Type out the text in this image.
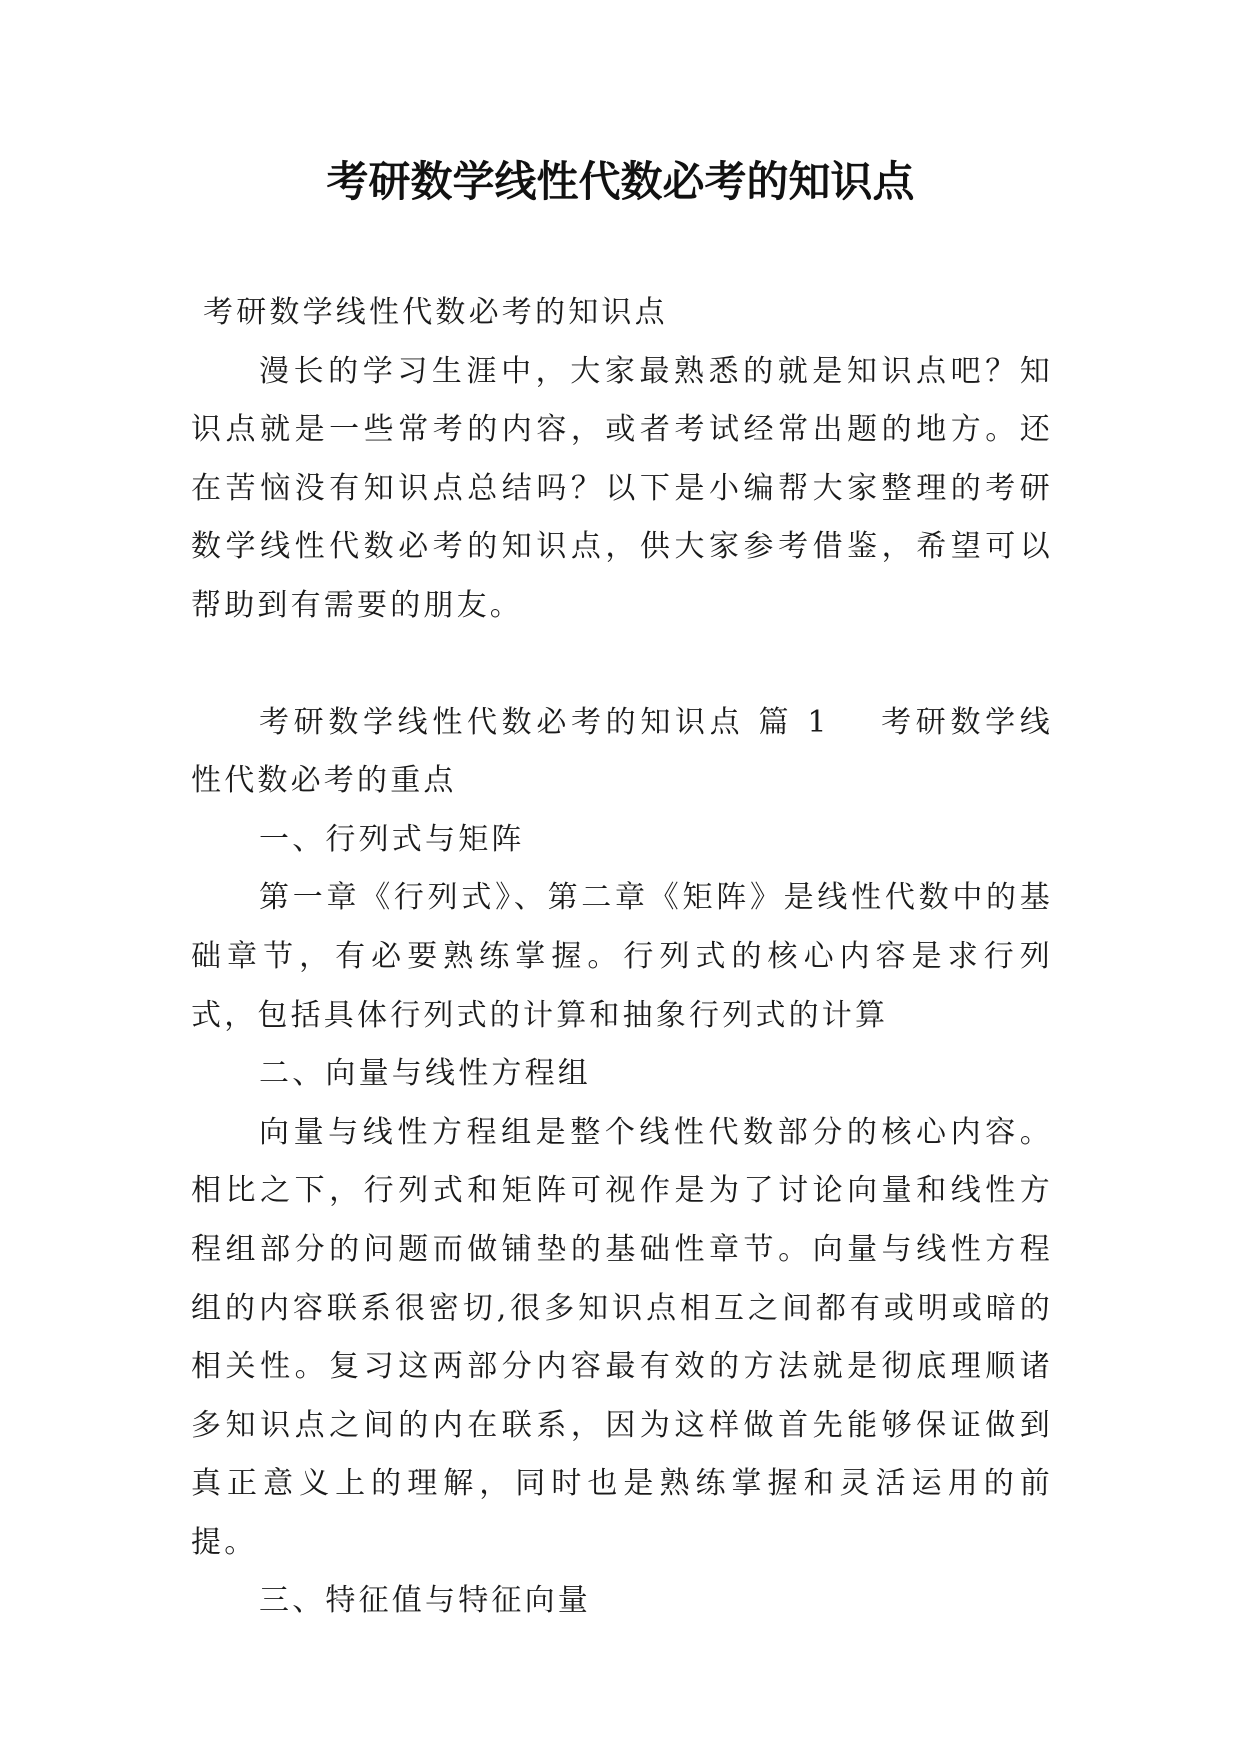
考研数学线性代数必考的知识点

考研数学线性代数必考的知识点

漫长的学习生涯中，大家最熟悉的就是知识点吧？知识点就是一些常考的内容，或者考试经常出题的地方。还在苦恼没有知识点总结吗？以下是小编帮大家整理的考研数学线性代数必考的知识点，供大家参考借鉴，希望可以帮助到有需要的朋友。

考研数学线性代数必考的知识点 篇 1 考研数学线性代数必考的重点

一、行列式与矩阵

第一章《行列式》、第二章《矩阵》是线性代数中的基础章节，有必要熟练掌握。行列式的核心内容是求行列式，包括具体行列式的计算和抽象行列式的计算

二、向量与线性方程组

向量与线性方程组是整个线性代数部分的核心内容。相比之下，行列式和矩阵可视作是为了讨论向量和线性方程组部分的问题而做铺垫的基础性章节。向量与线性方程组的内容联系很密切,很多知识点相互之间都有或明或暗的相关性。复习这两部分内容最有效的方法就是彻底理顺诸多知识点之间的内在联系，因为这样做首先能够保证做到真正意义上的理解，同时也是熟练掌握和灵活运用的前提。

三、特征值与特征向量
